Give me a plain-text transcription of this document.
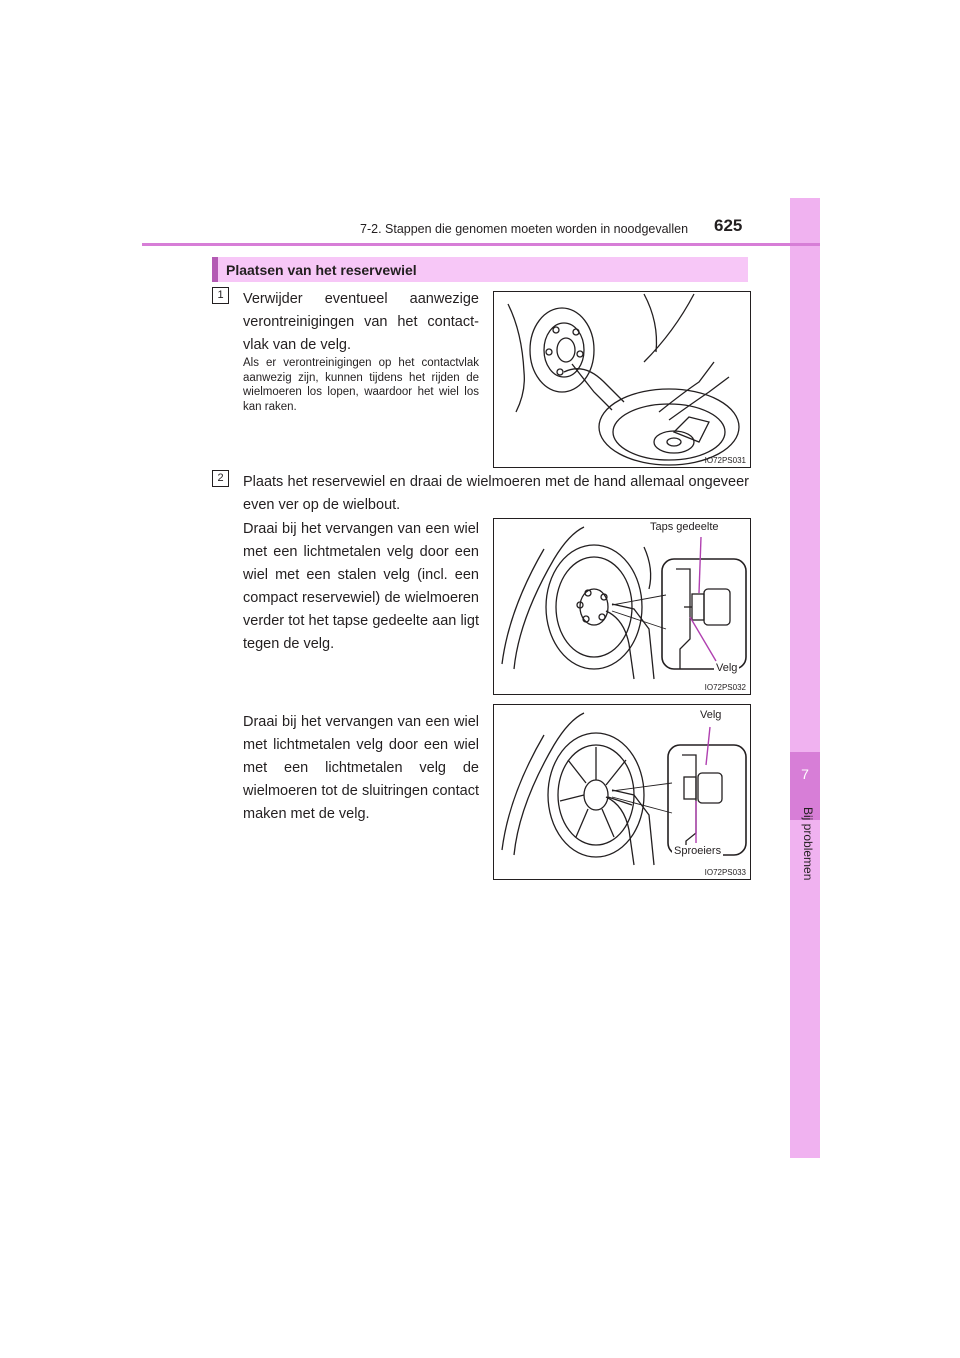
7
Bij problemen
7-2. Stappen die genomen moeten worden in noodgevallen 625
Plaatsen van het reservewiel
1	Verwijder eventueel aanwezige verontreinigingen van het contactvlak van de velg.
Als er verontreinigingen op het contactvlak aanwezig zijn, kunnen tijdens het rijden de wielmoeren los lopen, waardoor het wiel los kan raken.
IO72PS031
2	Plaats het reservewiel en draai de wielmoeren met de hand allemaal ongeveer even ver op de wielbout.
Draai bij het vervangen van een wiel met een lichtmetalen velg door een wiel met een stalen velg (incl. een compact reservewiel) de wielmoeren verder tot het tapse gedeelte aan ligt tegen de velg.
Draai bij het vervangen van een wiel met lichtmetalen velg door een wiel met een lichtmetalen velg de wielmoeren tot de sluitringen contact maken met de velg.
Taps gedeelte
Velg
IO72PS032
Velg
Sproeiers
IO72PS033
